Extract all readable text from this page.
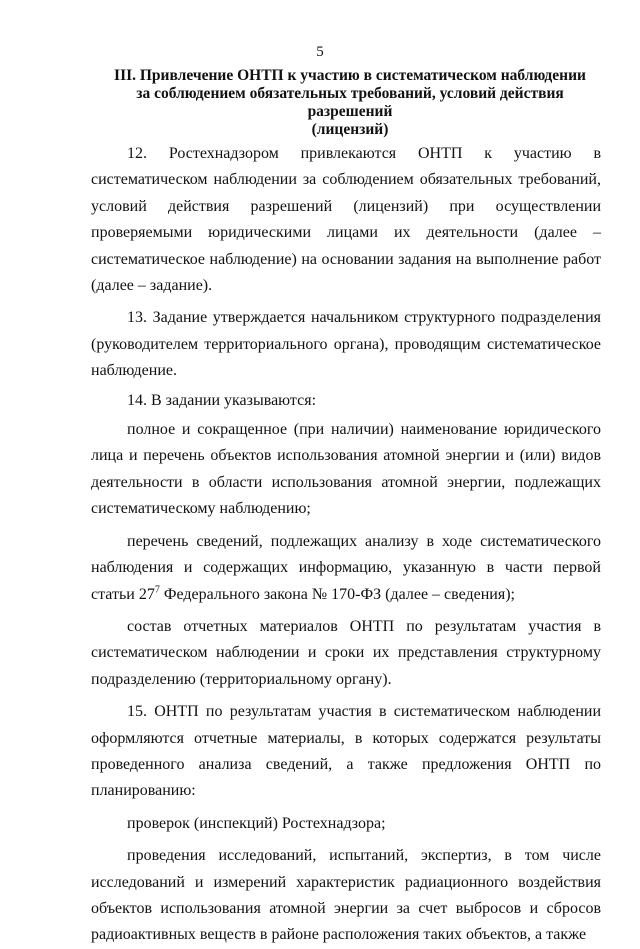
5
III. Привлечение ОНТП к участию в систематическом наблюдении
за соблюдением обязательных требований, условий действия разрешений
(лицензий)

12. Ростехнадзором привлекаются ОНТП к участию в систематическом наблюдении за соблюдением обязательных требований, условий действия разрешений (лицензий) при осуществлении проверяемыми юридическими лицами их деятельности (далее – систематическое наблюдение) на основании задания на выполнение работ (далее – задание).

13. Задание утверждается начальником структурного подразделения (руководителем территориального органа), проводящим систематическое наблюдение.

14. В задании указываются:

полное и сокращенное (при наличии) наименование юридического лица и перечень объектов использования атомной энергии и (или) видов деятельности в области использования атомной энергии, подлежащих систематическому наблюдению;

перечень сведений, подлежащих анализу в ходе систематического наблюдения и содержащих информацию, указанную в части первой статьи $27^7$ Федерального закона № 170-ФЗ (далее – сведения);

состав отчетных материалов ОНТП по результатам участия в систематическом наблюдении и сроки их представления структурному подразделению (территориальному органу).

15. ОНТП по результатам участия в систематическом наблюдении оформляются отчетные материалы, в которых содержатся результаты проведенного анализа сведений, а также предложения ОНТП по планированию:

проверок (инспекций) Ростехнадзора;

проведения исследований, испытаний, экспертиз, в том числе исследований и измерений характеристик радиационного воздействия объектов использования атомной энергии за счет выбросов и сбросов радиоактивных веществ в районе расположения таких объектов, а также
